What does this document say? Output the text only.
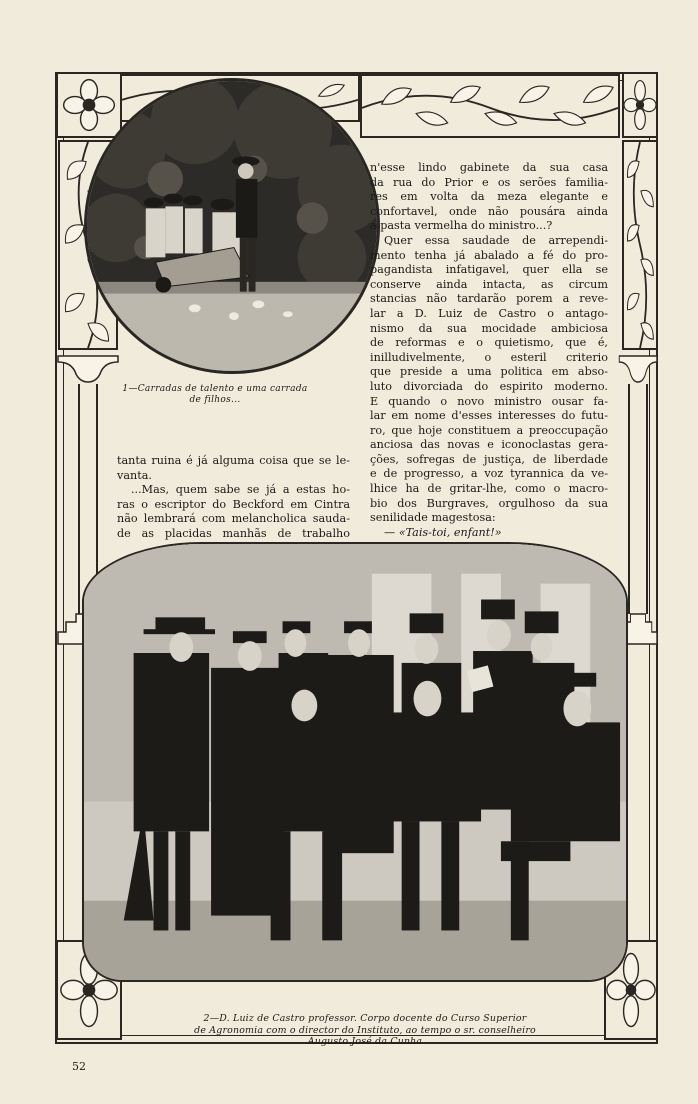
1—Carradas de talento e uma carrada
de filhos...
n'esse lindo gabinete da sua casa
da rua do Prior e os serões familia-
res em volta da meza elegante e
confortavel, onde não pousára ainda
a pasta vermelha do ministro...?
Quer essa saudade de arrependi-
mento tenha já abalado a fé do pro-
pagandista infatigavel, quer ella se
conserve ainda intacta, as circum
stancias não tardarão porem a reve-
lar a D. Luiz de Castro o antago-
nismo da sua mocidade ambiciosa
de reformas e o quietismo, que é,
inilludivelmente, o esteril criterio
que preside a uma politica em abso-
luto divorciada do espirito moderno.
E quando o novo ministro ousar fa-
lar em nome d'esses interesses do futu-
ro, que hoje constituem a preoccupação
anciosa das novas e iconoclastas gera-
ções, sofregas de justiça, de liberdade
e de progresso, a voz tyrannica da ve-
lhice ha de gritar-lhe, como o macro-
bio dos Burgraves, orgulhoso da sua
senilidade magestosa:
— «Tais-toi, enfant!»
tanta ruina é já alguma coisa que se le-
vanta.
...Mas, quem sabe se já a estas ho-
ras o escriptor do Beckford em Cintra
não lembrará com melancholica sauda-
de as placidas manhãs de trabalho
2—D. Luiz de Castro professor. Corpo docente do Curso Superior
de Agronomia com o director do Instituto, ao tempo o sr. conselheiro
Augusto José da Cunha
52
